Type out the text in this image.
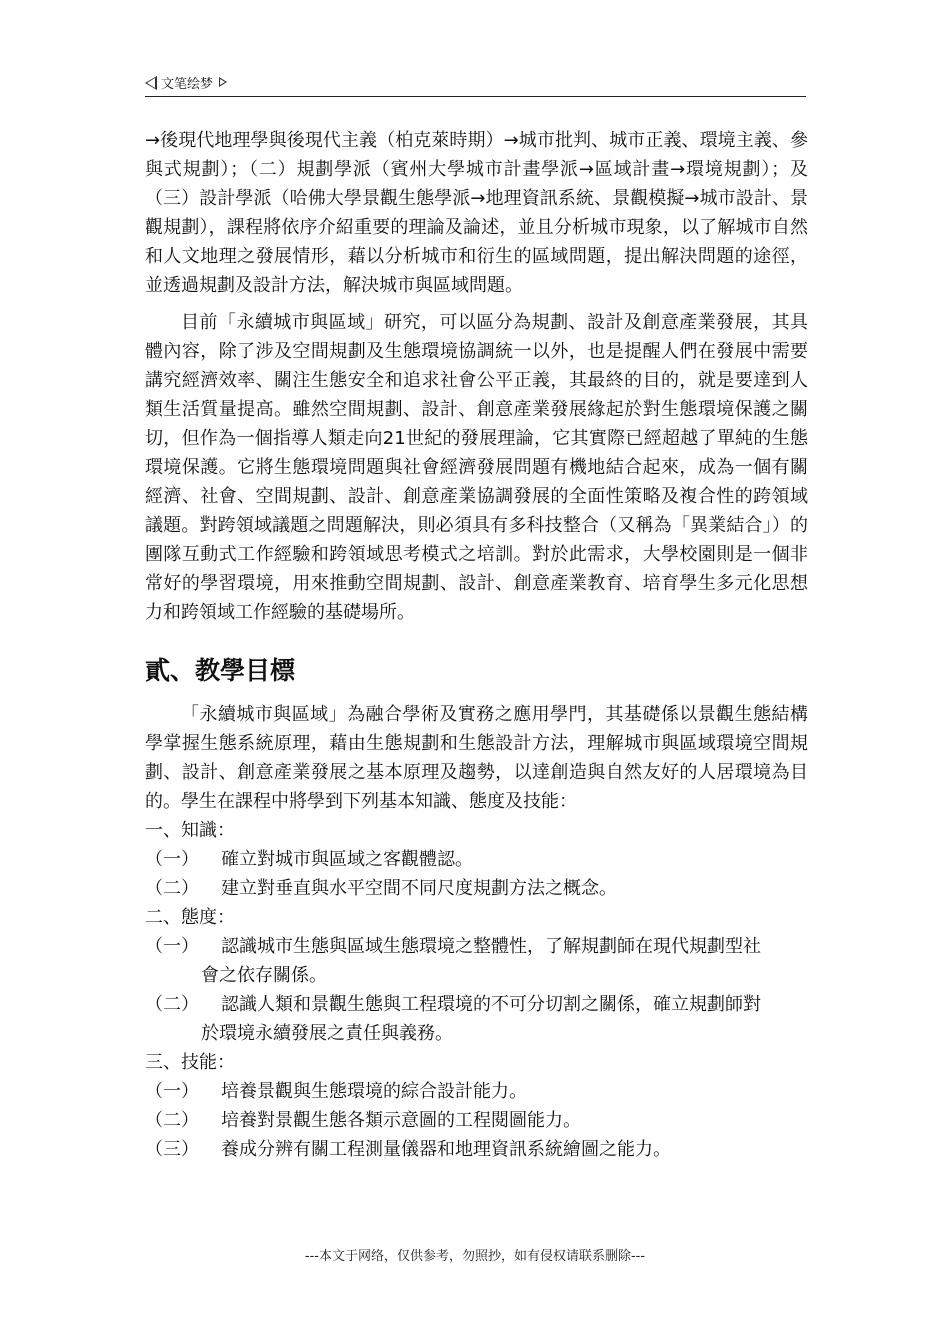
文笔绘梦

→後現代地理學與後現代主義（柏克萊時期）→城市批判、城市正義、環境主義、參與式規劃）；（二）規劃學派（賓州大學城市計畫學派→區域計畫→環境規劃）；及（三）設計學派（哈佛大學景觀生態學派→地理資訊系統、景觀模擬→城市設計、景觀規劃），課程將依序介紹重要的理論及論述，並且分析城市現象，以了解城市自然和人文地理之發展情形，藉以分析城市和衍生的區域問題，提出解決問題的途徑，並透過規劃及設計方法，解決城市與區域問題。

目前「永續城市與區域」研究，可以區分為規劃、設計及創意產業發展，其具體內容，除了涉及空間規劃及生態環境協調統一以外，也是提醒人們在發展中需要講究經濟效率、關注生態安全和追求社會公平正義，其最終的目的，就是要達到人類生活質量提高。雖然空間規劃、設計、創意產業發展緣起於對生態環境保護之關切，但作為一個指導人類走向21世紀的發展理論，它其實際已經超越了單純的生態環境保護。它將生態環境問題與社會經濟發展問題有機地結合起來，成為一個有關經濟、社會、空間規劃、設計、創意產業協調發展的全面性策略及複合性的跨領域議題。對跨領域議題之問題解決，則必須具有多科技整合（又稱為「異業結合」）的團隊互動式工作經驗和跨領域思考模式之培訓。對於此需求，大學校園則是一個非常好的學習環境，用來推動空間規劃、設計、創意產業教育、培育學生多元化思想力和跨領域工作經驗的基礎場所。

貳、教學目標

「永續城市與區域」為融合學術及實務之應用學門，其基礎係以景觀生態結構學掌握生態系統原理，藉由生態規劃和生態設計方法，理解城市與區域環境空間規劃、設計、創意產業發展之基本原理及趨勢，以達創造與自然友好的人居環境為目的。學生在課程中將學到下列基本知識、態度及技能：

一、知識：

（一）	確立對城市與區域之客觀體認。
（二）	建立對垂直與水平空間不同尺度規劃方法之概念。

二、態度：

（一）	認識城市生態與區域生態環境之整體性，了解規劃師在現代規劃型社
會之依存關係。
（二）	認識人類和景觀生態與工程環境的不可分切割之關係，確立規劃師對
於環境永續發展之責任與義務。

三、技能：

（一）	培養景觀與生態環境的綜合設計能力。
（二）	培養對景觀生態各類示意圖的工程閱圖能力。
（三）	養成分辨有關工程測量儀器和地理資訊系統繪圖之能力。
---本文于网络，仅供参考，勿照抄，如有侵权请联系删除---
